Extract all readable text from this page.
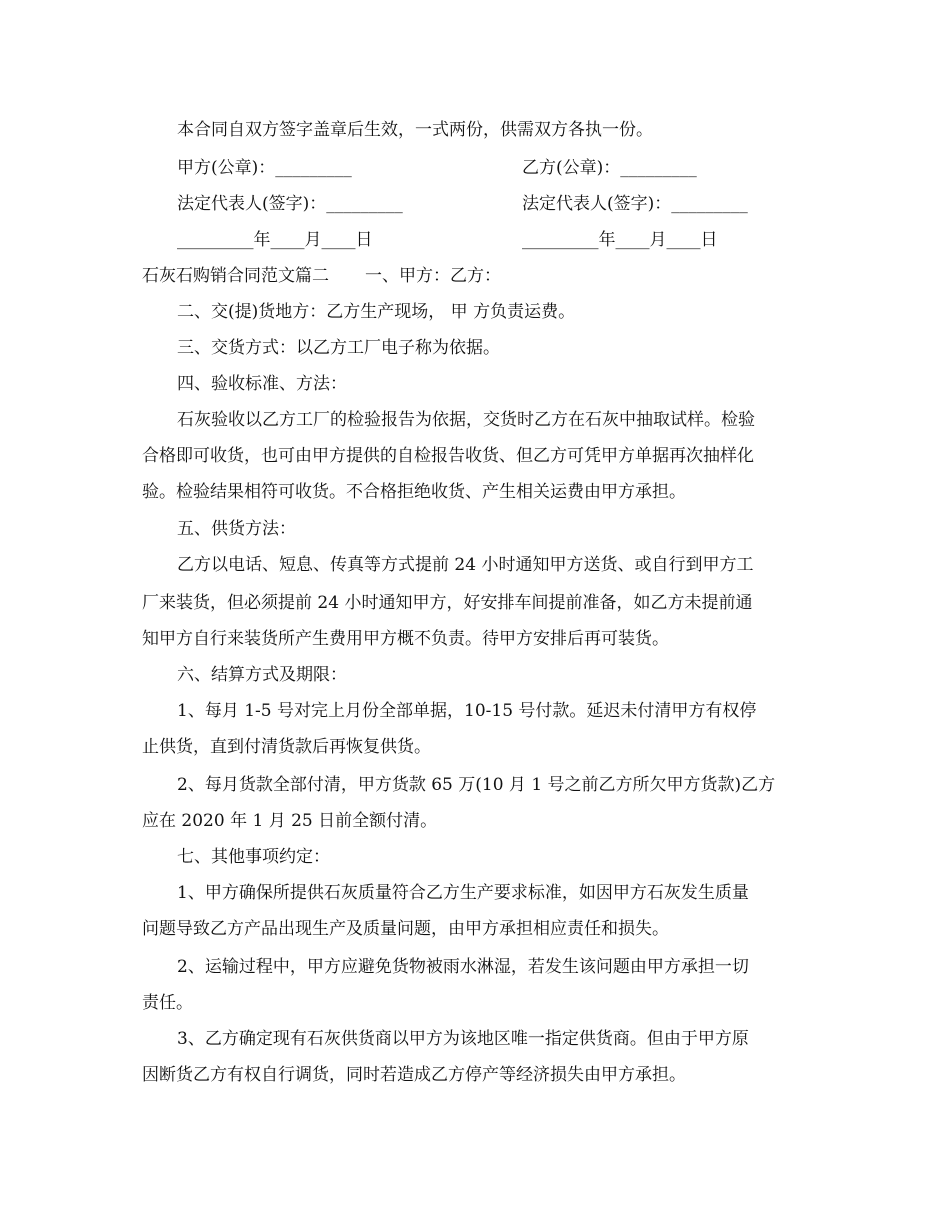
本合同自双方签字盖章后生效，一式两份，供需双方各执一份。
甲方(公章)：_________	乙方(公章)：_________
法定代表人(签字)：_________	法定代表人(签字)：_________
_________年____月____日	_________年____月____日
石灰石购销合同范文篇二 一、甲方：乙方：
二、交(提)货地方：乙方生产现场， 甲 方负责运费。
三、交货方式：以乙方工厂电子称为依据。
四、验收标准、方法：
石灰验收以乙方工厂的检验报告为依据，交货时乙方在石灰中抽取试样。检验
合格即可收货，也可由甲方提供的自检报告收货、但乙方可凭甲方单据再次抽样化
验。检验结果相符可收货。不合格拒绝收货、产生相关运费由甲方承担。
五、供货方法：
乙方以电话、短息、传真等方式提前 24 小时通知甲方送货、或自行到甲方工
厂来装货，但必须提前 24 小时通知甲方，好安排车间提前准备，如乙方未提前通
知甲方自行来装货所产生费用甲方概不负责。待甲方安排后再可装货。
六、结算方式及期限：
1、每月 1-5 号对完上月份全部单据，10-15 号付款。延迟未付清甲方有权停
止供货，直到付清货款后再恢复供货。
2、每月货款全部付清，甲方货款 65 万(10 月 1 号之前乙方所欠甲方货款)乙方
应在 2020 年 1 月 25 日前全额付清。
七、其他事项约定：
1、甲方确保所提供石灰质量符合乙方生产要求标准，如因甲方石灰发生质量
问题导致乙方产品出现生产及质量问题，由甲方承担相应责任和损失。
2、运输过程中，甲方应避免货物被雨水淋湿，若发生该问题由甲方承担一切
责任。
3、乙方确定现有石灰供货商以甲方为该地区唯一指定供货商。但由于甲方原
因断货乙方有权自行调货，同时若造成乙方停产等经济损失由甲方承担。
